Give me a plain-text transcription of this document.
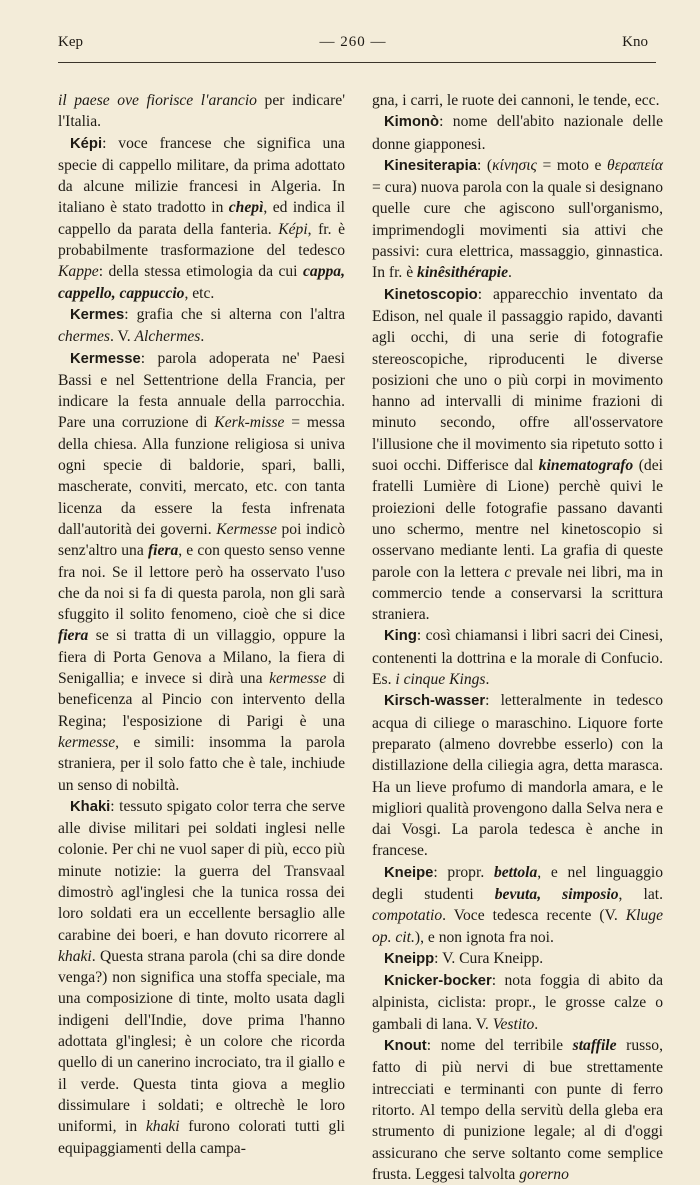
Kep	— 260 —	Kno

il paese ove fiorisce l'arancio per indicare' l'Italia.

Képi: voce francese che significa una specie di cappello militare, da prima adottato da alcune milizie francesi in Algeria. In italiano è stato tradotto in chepì, ed indica il cappello da parata della fanteria. Képi, fr. è probabilmente trasformazione del tedesco Kappe: della stessa etimologia da cui cappa, cappello, cappuccio, etc.

Kermes: grafia che si alterna con l'altra chermes. V. Alchermes.

Kermesse: parola adoperata ne' Paesi Bassi e nel Settentrione della Francia, per indicare la festa annuale della parrocchia. Pare una corruzione di Kerk-misse = messa della chiesa. Alla funzione religiosa si univa ogni specie di baldorie, spari, balli, mascherate, conviti, mercato, etc. con tanta licenza da essere la festa infrenata dall'autorità dei governi. Kermesse poi indicò senz'altro una fiera, e con questo senso venne fra noi. Se il lettore però ha osservato l'uso che da noi si fa di questa parola, non gli sarà sfuggito il solito fenomeno, cioè che si dice fiera se si tratta di un villaggio, oppure la fiera di Porta Genova a Milano, la fiera di Senigallia; e invece si dirà una kermesse di beneficenza al Pincio con intervento della Regina; l'esposizione di Parigi è una kermesse, e simili: insomma la parola straniera, per il solo fatto che è tale, inchiude un senso di nobiltà.

Khaki: tessuto spigato color terra che serve alle divise militari pei soldati inglesi nelle colonie. Per chi ne vuol saper di più, ecco più minute notizie: la guerra del Transvaal dimostrò agl'inglesi che la tunica rossa dei loro soldati era un eccellente bersaglio alle carabine dei boeri, e han dovuto ricorrere al khaki. Questa strana parola (chi sa dire donde venga?) non significa una stoffa speciale, ma una composizione di tinte, molto usata dagli indigeni dell'Indie, dove prima l'hanno adottata gl'inglesi; è un colore che ricorda quello di un canerino incrociato, tra il giallo e il verde. Questa tinta giova a meglio dissimulare i soldati; e oltrechè le loro uniformi, in khaki furono colorati tutti gli equipaggiamenti della campa-

gna, i carri, le ruote dei cannoni, le tende, ecc.

Kimonò: nome dell'abito nazionale delle donne giapponesi.

Kinesiterapia: (κίνησις = moto e θεραπεία = cura) nuova parola con la quale si designano quelle cure che agiscono sull'organismo, imprimendogli movimenti sia attivi che passivi: cura elettrica, massaggio, ginnastica. In fr. è kinêsithérapie.

Kinetoscopio: apparecchio inventato da Edison, nel quale il passaggio rapido, davanti agli occhi, di una serie di fotografie stereoscopiche, riproducenti le diverse posizioni che uno o più corpi in movimento hanno ad intervalli di minime frazioni di minuto secondo, offre all'osservatore l'illusione che il movimento sia ripetuto sotto i suoi occhi. Differisce dal kinematografo (dei fratelli Lumière di Lione) perchè quivi le proiezioni delle fotografie passano davanti uno schermo, mentre nel kinetoscopio si osservano mediante lenti. La grafia di queste parole con la lettera c prevale nei libri, ma in commercio tende a conservarsi la scrittura straniera.

King: così chiamansi i libri sacri dei Cinesi, contenenti la dottrina e la morale di Confucio. Es. i cinque Kings.

Kirsch-wasser: letteralmente in tedesco acqua di ciliege o maraschino. Liquore forte preparato (almeno dovrebbe esserlo) con la distillazione della ciliegia agra, detta marasca. Ha un lieve profumo di mandorla amara, e le migliori qualità provengono dalla Selva nera e dai Vosgi. La parola tedesca è anche in francese.

Kneipe: propr. bettola, e nel linguaggio degli studenti bevuta, simposio, lat. compotatio. Voce tedesca recente (V. Kluge op. cit.), e non ignota fra noi.

Kneipp: V. Cura Kneipp.

Knicker-bocker: nota foggia di abito da alpinista, ciclista: propr., le grosse calze o gambali di lana. V. Vestito.

Knout: nome del terribile staffile russo, fatto di più nervi di bue strettamente intrecciati e terminanti con punte di ferro ritorto. Al tempo della servitù della gleba era strumento di punizione legale; al di d'oggi assicurano che serve soltanto come semplice frusta. Leggesi talvolta gorerno
